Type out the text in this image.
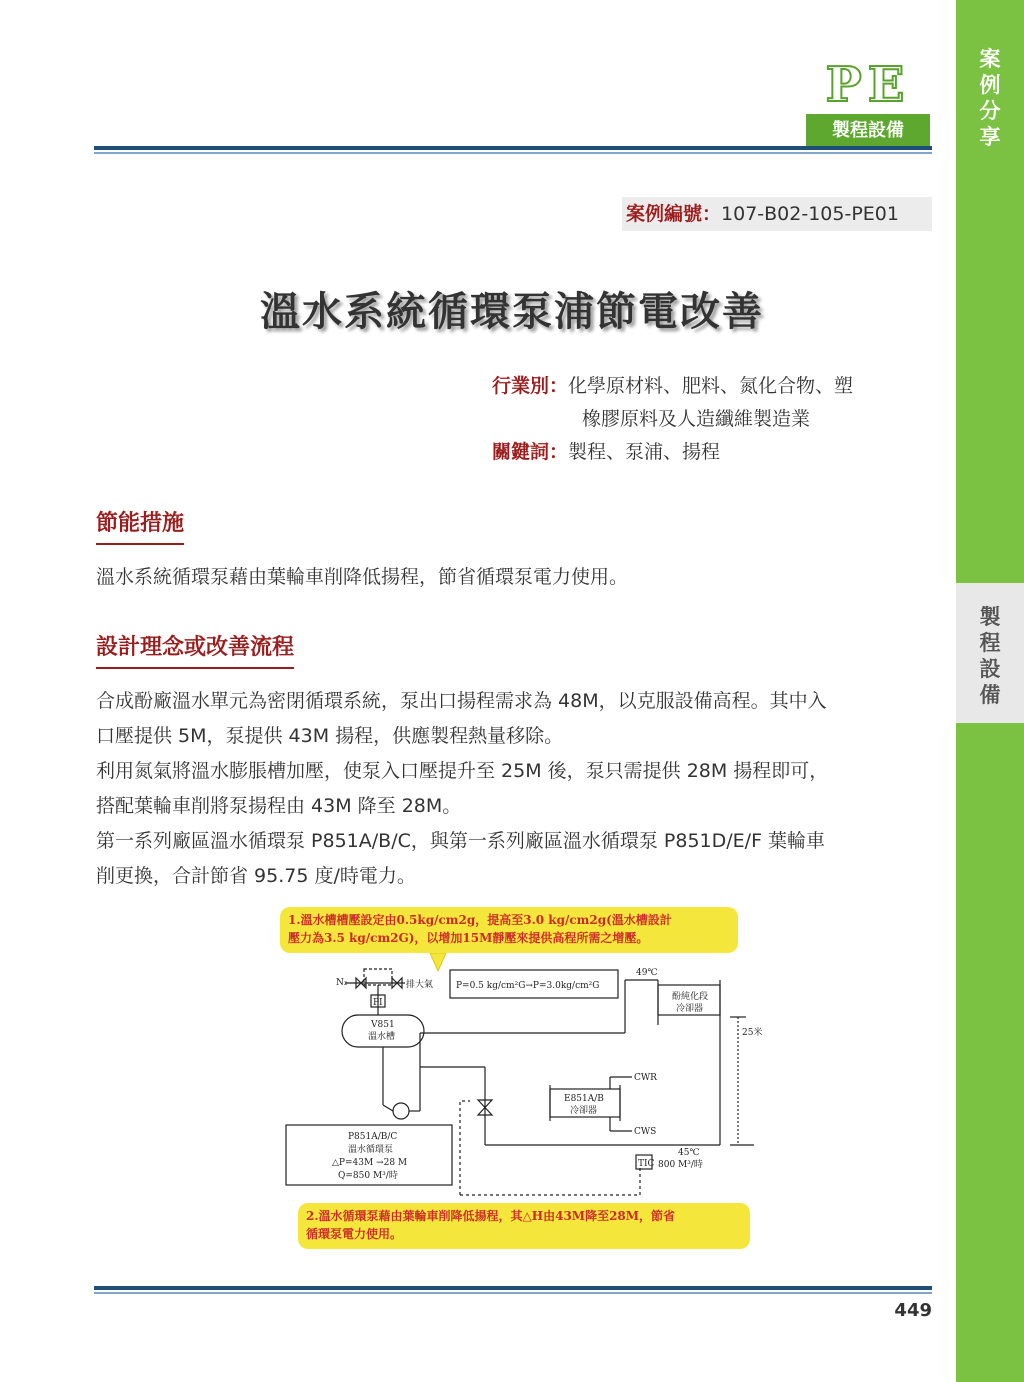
案例分享
製程設備
PE
製程設備
案例編號：107-B02-105-PE01
溫水系統循環泵浦節電改善
行業別：化學原材料、肥料、氮化合物、塑
橡膠原料及人造纖維製造業
關鍵詞：製程、泵浦、揚程
節能措施

溫水系統循環泵藉由葉輪車削降低揚程，節省循環泵電力使用。

設計理念或改善流程

合成酚廠溫水單元為密閉循環系統，泵出口揚程需求為 48M，以克服設備高程。其中入

口壓提供 5M，泵提供 43M 揚程，供應製程熱量移除。

利用氮氣將溫水膨脹槽加壓，使泵入口壓提升至 25M 後，泵只需提供 28M 揚程即可，

搭配葉輪車削將泵揚程由 43M 降至 28M。

第一系列廠區溫水循環泵 P851A/B/C，與第一系列廠區溫水循環泵 P851D/E/F 葉輪車

削更換，合計節省 95.75 度/時電力。

N₂	排大氣
PI
V851
溫水槽
P=0.5 kg/cm²G→P=3.0kg/cm²G
49℃
酚純化段
冷卻器
25米
E851A/B
冷卻器
CWR
CWS
P851A/B/C
溫水循環泵
△P=43M →28 M
Q=850 M³/時
45℃
800 M³/時
TIC
1.溫水槽槽壓設定由0.5kg/cm2g，提高至3.0 kg/cm2g(溫水槽設計
壓力為3.5 kg/cm2G)，以增加15M靜壓來提供高程所需之增壓。
2.溫水循環泵藉由葉輪車削降低揚程，其△H由43M降至28M，節省
循環泵電力使用。
449
